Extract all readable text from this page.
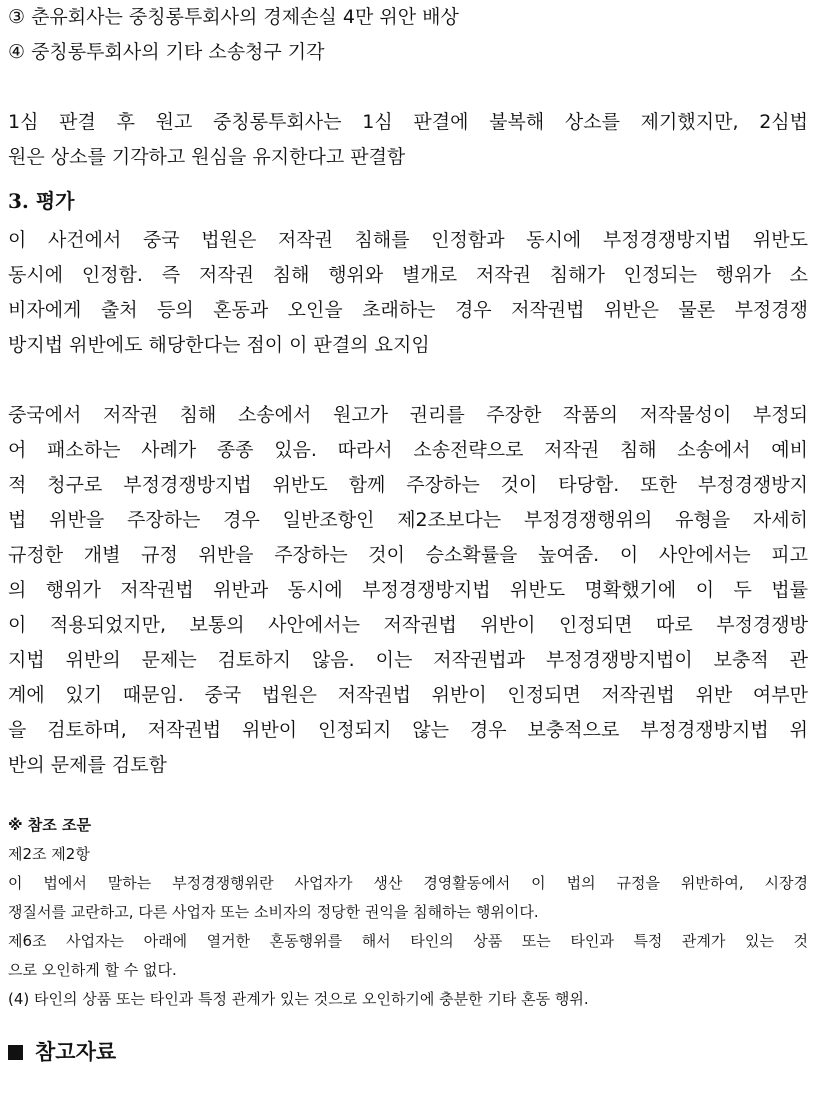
③ 춘유회사는 중칭롱투회사의 경제손실 4만 위안 배상
④ 중칭롱투회사의 기타 소송청구 기각
1심 판결 후 원고 중칭롱투회사는 1심 판결에 불복해 상소를 제기했지만, 2심법
원은 상소를 기각하고 원심을 유지한다고 판결함
3. 평가
이 사건에서 중국 법원은 저작권 침해를 인정함과 동시에 부정경쟁방지법 위반도
동시에 인정함. 즉 저작권 침해 행위와 별개로 저작권 침해가 인정되는 행위가 소
비자에게 출처 등의 혼동과 오인을 초래하는 경우 저작권법 위반은 물론 부정경쟁
방지법 위반에도 해당한다는 점이 이 판결의 요지임
중국에서 저작권 침해 소송에서 원고가 권리를 주장한 작품의 저작물성이 부정되
어 패소하는 사례가 종종 있음. 따라서 소송전략으로 저작권 침해 소송에서 예비
적 청구로 부정경쟁방지법 위반도 함께 주장하는 것이 타당함. 또한 부정경쟁방지
법 위반을 주장하는 경우 일반조항인 제2조보다는 부정경쟁행위의 유형을 자세히
규정한 개별 규정 위반을 주장하는 것이 승소확률을 높여줌. 이 사안에서는 피고
의 행위가 저작권법 위반과 동시에 부정경쟁방지법 위반도 명확했기에 이 두 법률
이 적용되었지만, 보통의 사안에서는 저작권법 위반이 인정되면 따로 부정경쟁방
지법 위반의 문제는 검토하지 않음. 이는 저작권법과 부정경쟁방지법이 보충적 관
계에 있기 때문임. 중국 법원은 저작권법 위반이 인정되면 저작권법 위반 여부만
을 검토하며, 저작권법 위반이 인정되지 않는 경우 보충적으로 부정경쟁방지법 위
반의 문제를 검토함
※ 참조 조문
제2조 제2항
이 법에서 말하는 부정경쟁행위란 사업자가 생산 경영활동에서 이 법의 규정을 위반하여, 시장경
쟁질서를 교란하고, 다른 사업자 또는 소비자의 정당한 권익을 침해하는 행위이다.
제6조 사업자는 아래에 열거한 혼동행위를 해서 타인의 상품 또는 타인과 특정 관계가 있는 것
으로 오인하게 할 수 없다.
(4) 타인의 상품 또는 타인과 특정 관계가 있는 것으로 오인하기에 충분한 기타 혼동 행위.
참고자료
